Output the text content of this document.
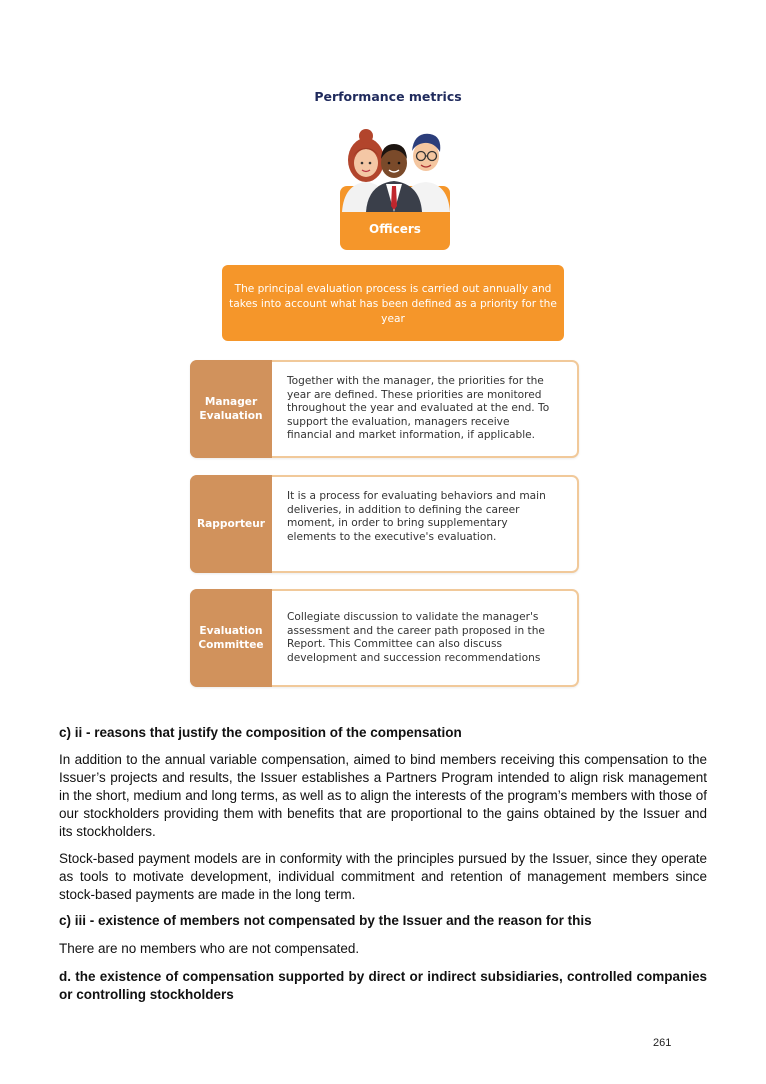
Performance metrics
Officers
The principal evaluation process is carried out annually and takes into account what has been defined as a priority for the year
Manager Evaluation
Together with the manager, the priorities for the year are defined. These priorities are monitored throughout the year and evaluated at the end. To support the evaluation, managers receive financial and market information, if applicable.
Rapporteur
It is a process for evaluating behaviors and main deliveries, in addition to defining the career moment, in order to bring supplementary elements to the executive's evaluation.
Evaluation Committee
Collegiate discussion to validate the manager's assessment and the career path proposed in the Report. This Committee can also discuss development and succession recommendations
c) ii - reasons that justify the composition of the compensation
In addition to the annual variable compensation, aimed to bind members receiving this compensation to the Issuer’s projects and results, the Issuer establishes a Partners Program intended to align risk management in the short, medium and long terms, as well as to align the interests of the program’s members with those of our stockholders providing them with benefits that are proportional to the gains obtained by the Issuer and its stockholders.
Stock-based payment models are in conformity with the principles pursued by the Issuer, since they operate as tools to motivate development, individual commitment and retention of management members since stock-based payments are made in the long term.
c) iii - existence of members not compensated by the Issuer and the reason for this
There are no members who are not compensated.
d. the existence of compensation supported by direct or indirect subsidiaries, controlled companies or controlling stockholders
261
